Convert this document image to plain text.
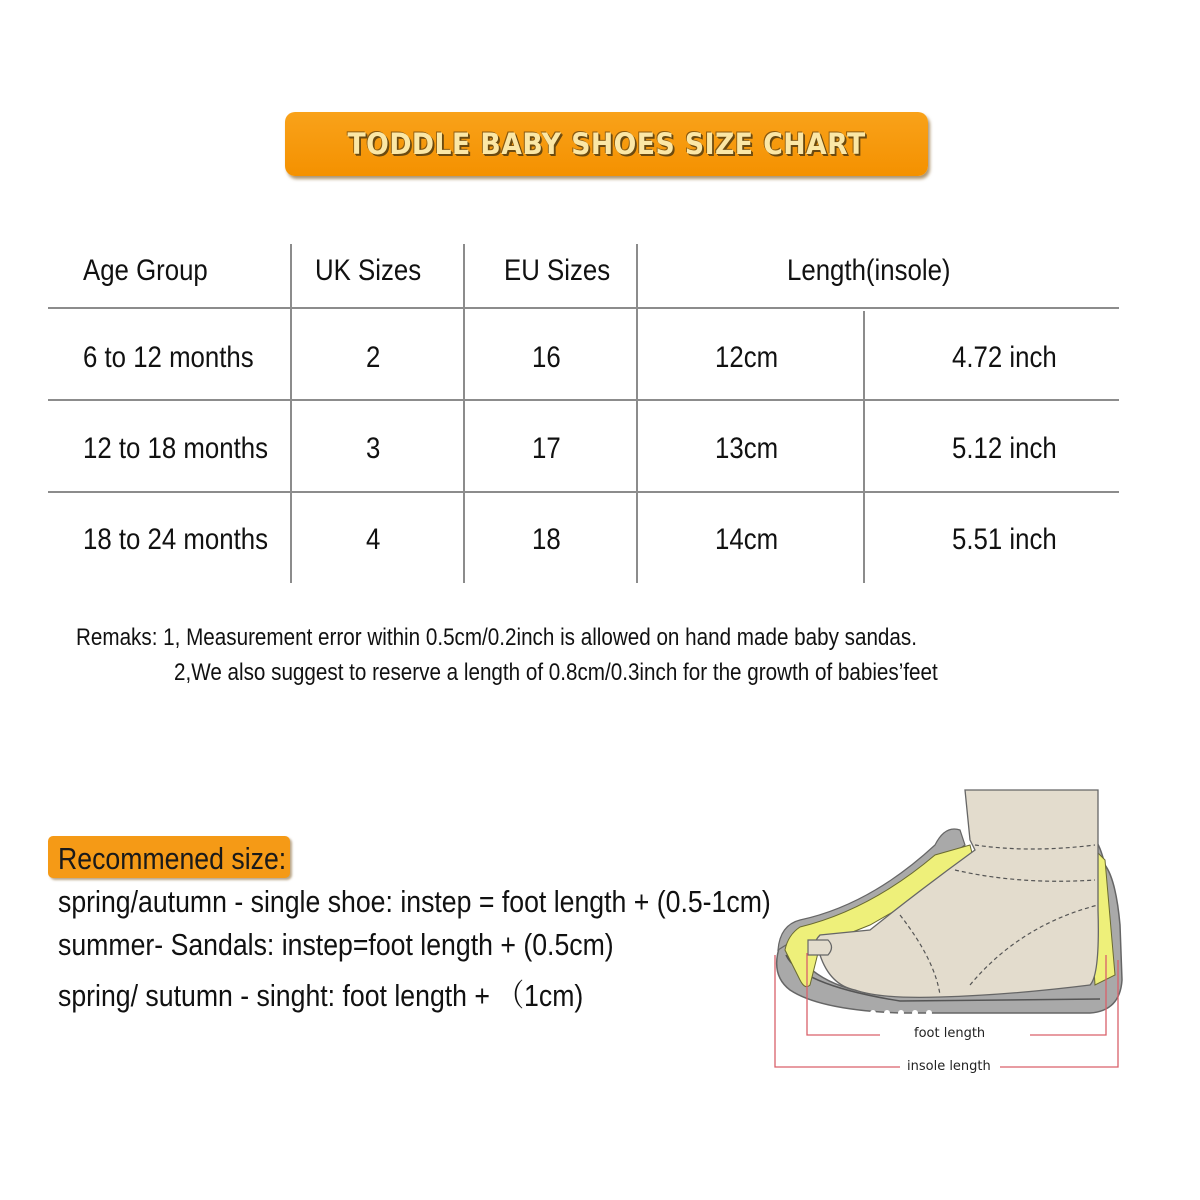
TODDLE BABY SHOES SIZE CHART
Age Group	UK Sizes	EU Sizes	Length(insole)
6 to 12 months	2	16	12cm	4.72 inch
12 to 18 months	3	17	13cm	5.12 inch
18 to 24 months	4	18	14cm	5.51 inch
Remaks: 1, Measurement error within 0.5cm/0.2inch is allowed on hand made baby sandas.
2,We also suggest to reserve a length of 0.8cm/0.3inch for the growth of babies’feet
Recommened size:
spring/autumn - single shoe: instep = foot length + (0.5-1cm)
summer- Sandals: instep=foot length + (0.5cm)
spring/ sutumn - singht: foot length + （1cm)
foot length
insole length
